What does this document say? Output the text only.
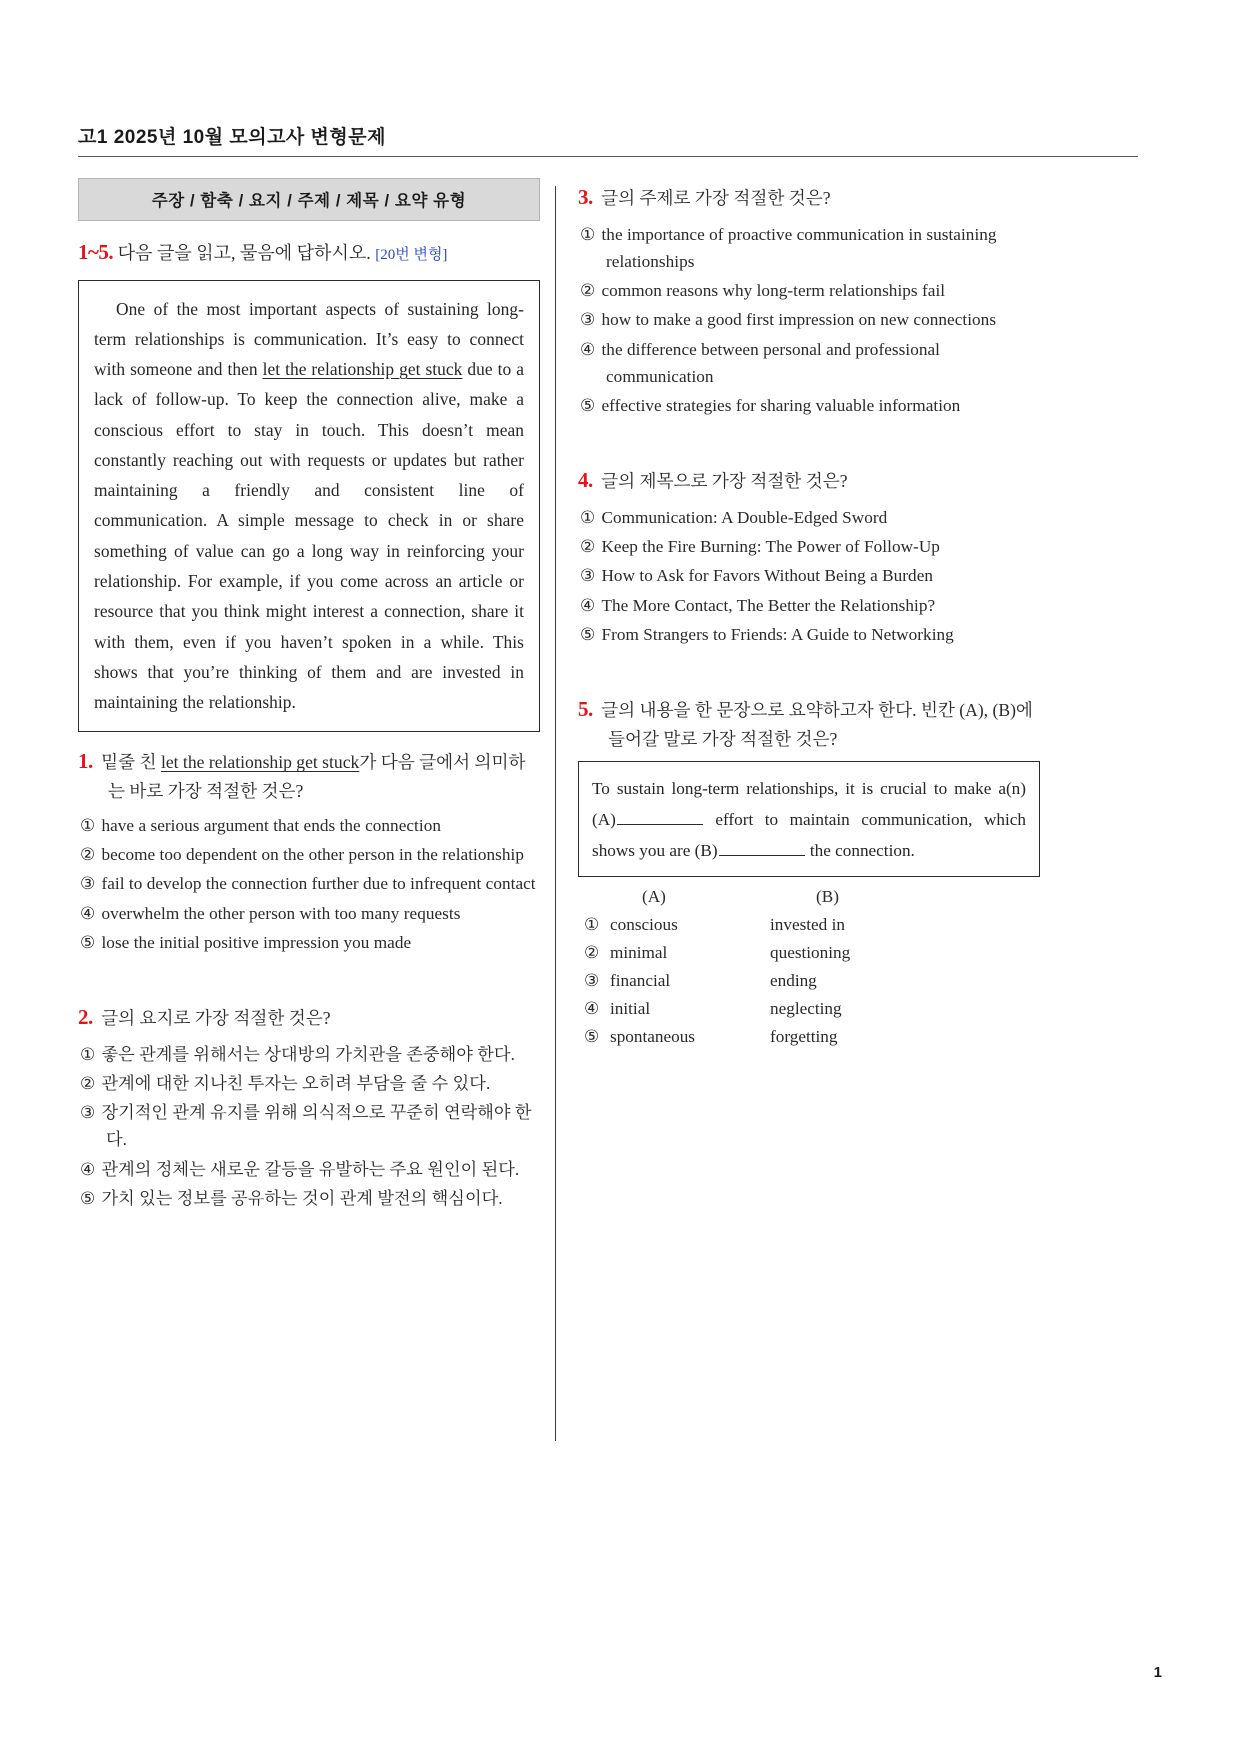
고1 2025년 10월 모의고사 변형문제
주장 / 함축 / 요지 / 주제 / 제목 / 요약 유형
1~5. 다음 글을 읽고, 물음에 답하시오. [20번 변형]
One of the most important aspects of sustaining long-term relationships is communication. It’s easy to connect with someone and then let the relationship get stuck due to a lack of follow-up. To keep the connection alive, make a conscious effort to stay in touch. This doesn’t mean constantly reaching out with requests or updates but rather maintaining a friendly and consistent line of communication. A simple message to check in or share something of value can go a long way in reinforcing your relationship. For example, if you come across an article or resource that you think might interest a connection, share it with them, even if you haven’t spoken in a while. This shows that you’re thinking of them and are invested in maintaining the relationship.
1. 밑줄 친 let the relationship get stuck가 다음 글에서 의미하는 바로 가장 적절한 것은?
① have a serious argument that ends the connection
② become too dependent on the other person in the relationship
③ fail to develop the connection further due to infrequent contact
④ overwhelm the other person with too many requests
⑤ lose the initial positive impression you made
2. 글의 요지로 가장 적절한 것은?
① 좋은 관계를 위해서는 상대방의 가치관을 존중해야 한다.
② 관계에 대한 지나친 투자는 오히려 부담을 줄 수 있다.
③ 장기적인 관계 유지를 위해 의식적으로 꾸준히 연락해야 한다.
④ 관계의 정체는 새로운 갈등을 유발하는 주요 원인이 된다.
⑤ 가치 있는 정보를 공유하는 것이 관계 발전의 핵심이다.
3. 글의 주제로 가장 적절한 것은?
① the importance of proactive communication in sustaining relationships
② common reasons why long-term relationships fail
③ how to make a good first impression on new connections
④ the difference between personal and professional communication
⑤ effective strategies for sharing valuable information
4. 글의 제목으로 가장 적절한 것은?
① Communication: A Double-Edged Sword
② Keep the Fire Burning: The Power of Follow-Up
③ How to Ask for Favors Without Being a Burden
④ The More Contact, The Better the Relationship?
⑤ From Strangers to Friends: A Guide to Networking
5. 글의 내용을 한 문장으로 요약하고자 한다. 빈칸 (A), (B)에 들어갈 말로 가장 적절한 것은?
To sustain long-term relationships, it is crucial to make a(n) (A)	effort to maintain communication, which shows you are (B)	the connection.
(A)	(B)
① conscious	invested in
② minimal	questioning
③ financial	ending
④ initial	neglecting
⑤ spontaneous	forgetting
1
